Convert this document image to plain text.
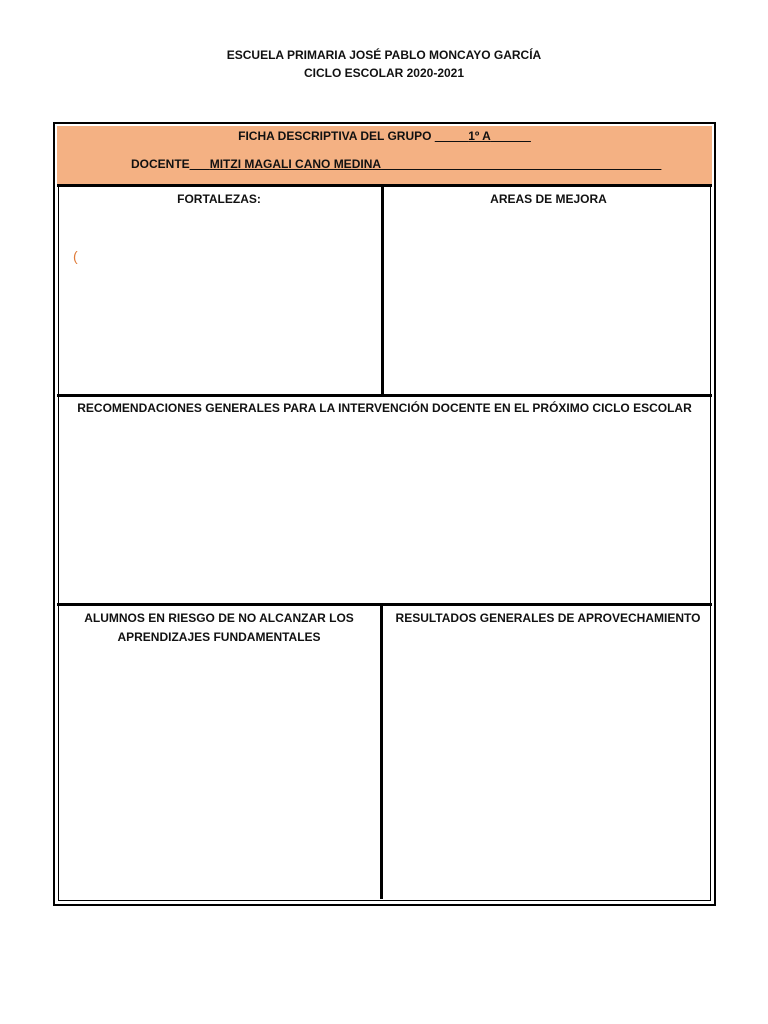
ESCUELA PRIMARIA JOSÉ PABLO MONCAYO GARCÍA
CICLO ESCOLAR 2020-2021
FICHA DESCRIPTIVA DEL GRUPO _____1º A______
DOCENTE___MITZI MAGALI CANO MEDINA__________________________________________
FORTALEZAS:
(
AREAS DE MEJORA
RECOMENDACIONES GENERALES PARA LA INTERVENCIÓN DOCENTE EN EL PRÓXIMO CICLO ESCOLAR
ALUMNOS EN RIESGO DE NO ALCANZAR LOS
APRENDIZAJES FUNDAMENTALES
RESULTADOS GENERALES DE APROVECHAMIENTO
